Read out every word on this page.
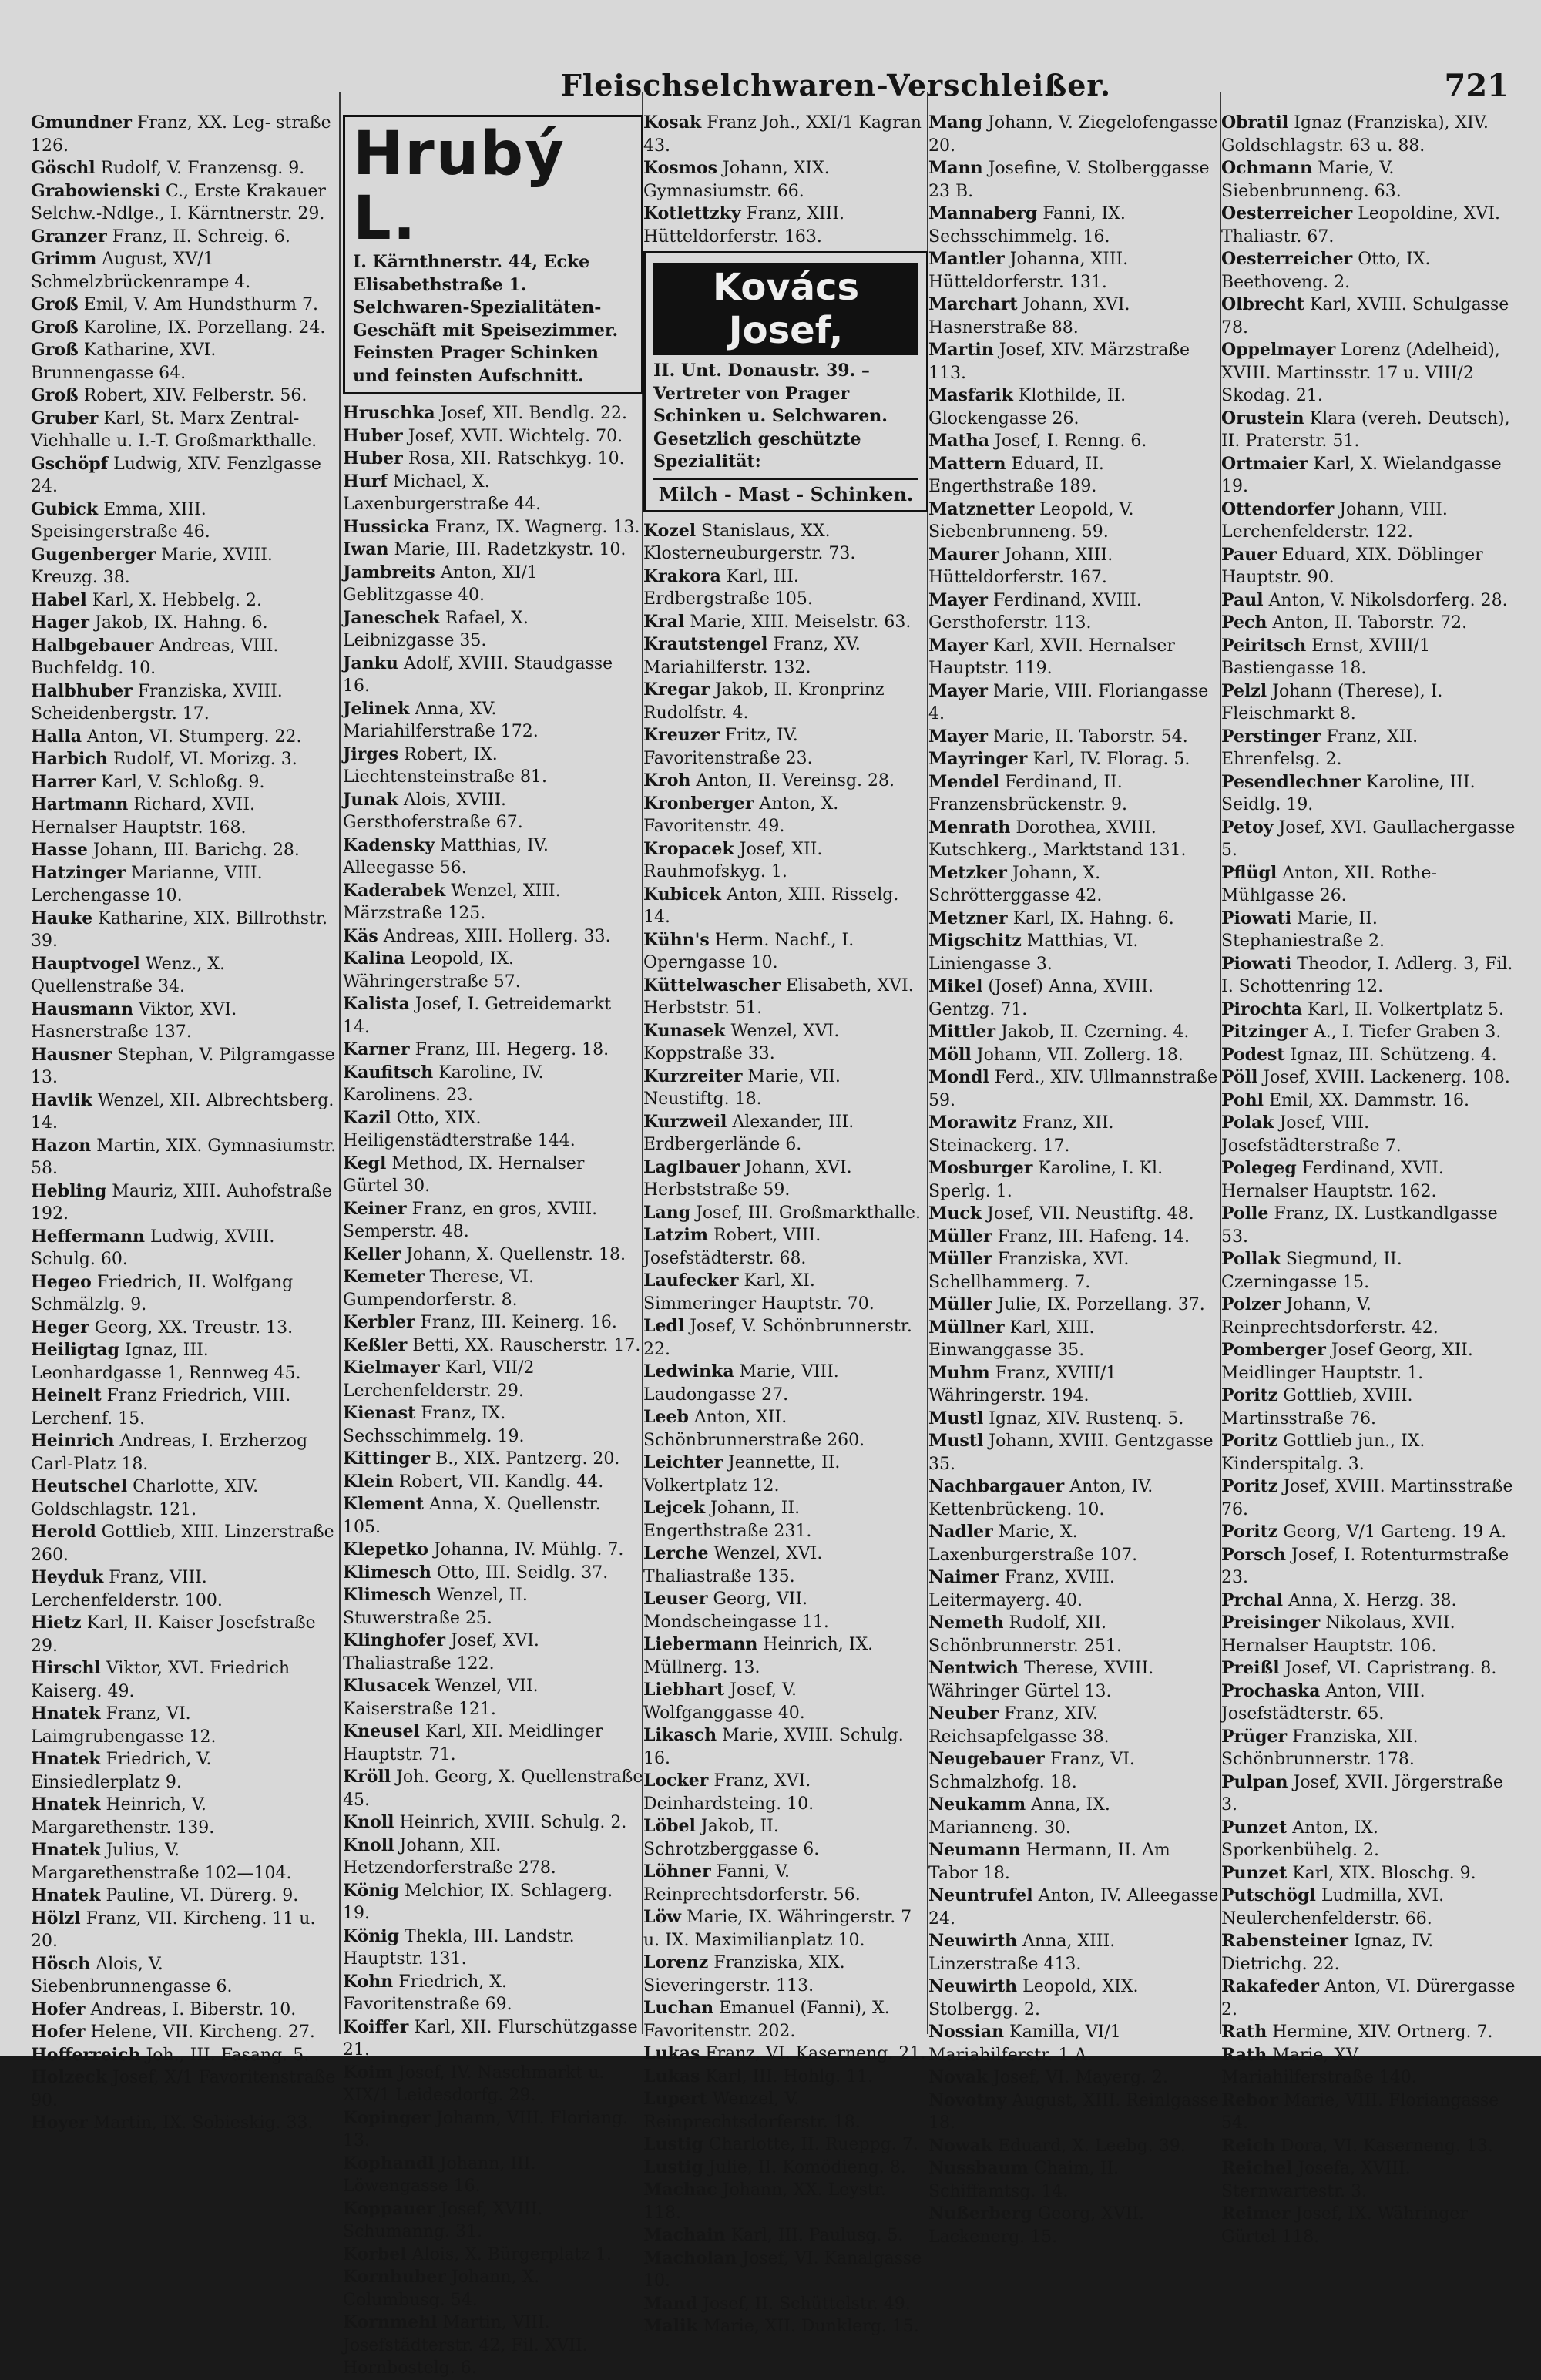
Fleischselchwaren-Verschleißer.	721

Gmundner Franz, XX. Leg- straße 126.

Göschl Rudolf, V. Franzensg. 9.

Grabowienski C., Erste Krakauer Selchw.-Ndlge., I. Kärntnerstr. 29.

Granzer Franz, II. Schreig. 6.

Grimm August, XV/1 Schmelzbrückenrampe 4.

Groß Emil, V. Am Hundsthurm 7.

Groß Karoline, IX. Porzellang. 24.

Groß Katharine, XVI. Brunnengasse 64.

Groß Robert, XIV. Felberstr. 56.

Gruber Karl, St. Marx Zentral-Viehhalle u. I.-T. Großmarkthalle.

Gschöpf Ludwig, XIV. Fenzlgasse 24.

Gubick Emma, XIII. Speisingerstraße 46.

Gugenberger Marie, XVIII. Kreuzg. 38.

Habel Karl, X. Hebbelg. 2.

Hager Jakob, IX. Hahng. 6.

Halbgebauer Andreas, VIII. Buchfeldg. 10.

Halbhuber Franziska, XVIII. Scheidenbergstr. 17.

Halla Anton, VI. Stumperg. 22.

Harbich Rudolf, VI. Morizg. 3.

Harrer Karl, V. Schloßg. 9.

Hartmann Richard, XVII. Hernalser Hauptstr. 168.

Hasse Johann, III. Barichg. 28.

Hatzinger Marianne, VIII. Lerchengasse 10.

Hauke Katharine, XIX. Billrothstr. 39.

Hauptvogel Wenz., X. Quellenstraße 34.

Hausmann Viktor, XVI. Hasnerstraße 137.

Hausner Stephan, V. Pilgramgasse 13.

Havlik Wenzel, XII. Albrechtsberg. 14.

Hazon Martin, XIX. Gymnasiumstr. 58.

Hebling Mauriz, XIII. Auhofstraße 192.

Heffermann Ludwig, XVIII. Schulg. 60.

Hegeo Friedrich, II. Wolfgang Schmälzlg. 9.

Heger Georg, XX. Treustr. 13.

Heiligtag Ignaz, III. Leonhardgasse 1, Rennweg 45.

Heinelt Franz Friedrich, VIII. Lerchenf. 15.

Heinrich Andreas, I. Erzherzog Carl-Platz 18.

Heutschel Charlotte, XIV. Goldschlagstr. 121.

Herold Gottlieb, XIII. Linzerstraße 260.

Heyduk Franz, VIII. Lerchenfelderstr. 100.

Hietz Karl, II. Kaiser Josefstraße 29.

Hirschl Viktor, XVI. Friedrich Kaiserg. 49.

Hnatek Franz, VI. Laimgrubengasse 12.

Hnatek Friedrich, V. Einsiedlerplatz 9.

Hnatek Heinrich, V. Margarethenstr. 139.

Hnatek Julius, V. Margarethenstraße 102—104.

Hnatek Pauline, VI. Dürerg. 9.

Hölzl Franz, VII. Kircheng. 11 u. 20.

Hösch Alois, V. Siebenbrunnengasse 6.

Hofer Andreas, I. Biberstr. 10.

Hofer Helene, VII. Kircheng. 27.

Hofferreich Joh., III. Fasang. 5.

Holzeck Josef, X/1 Favoritenstraße 90.

Hoyer Martin, IX. Sobieskig. 33.

Hrubý L.
I. Kärnthnerstr. 44, Ecke Elisabethstraße 1. Selchwaren-Spezialitäten-Geschäft mit Speisezimmer. Feinsten Prager Schinken und feinsten Aufschnitt.

Hruschka Josef, XII. Bendlg. 22.

Huber Josef, XVII. Wichtelg. 70.

Huber Rosa, XII. Ratschkyg. 10.

Hurf Michael, X. Laxenburgerstraße 44.

Hussicka Franz, IX. Wagnerg. 13.

Iwan Marie, III. Radetzkystr. 10.

Jambreits Anton, XI/1 Geblitzgasse 40.

Janeschek Rafael, X. Leibnizgasse 35.

Janku Adolf, XVIII. Staudgasse 16.

Jelinek Anna, XV. Mariahilferstraße 172.

Jirges Robert, IX. Liechtensteinstraße 81.

Junak Alois, XVIII. Gersthoferstraße 67.

Kadensky Matthias, IV. Alleegasse 56.

Kaderabek Wenzel, XIII. Märzstraße 125.

Käs Andreas, XIII. Hollerg. 33.

Kalina Leopold, IX. Währingerstraße 57.

Kalista Josef, I. Getreidemarkt 14.

Karner Franz, III. Hegerg. 18.

Kaufitsch Karoline, IV. Karolinens. 23.

Kazil Otto, XIX. Heiligenstädterstraße 144.

Kegl Method, IX. Hernalser Gürtel 30.

Keiner Franz, en gros, XVIII. Semperstr. 48.

Keller Johann, X. Quellenstr. 18.

Kemeter Therese, VI. Gumpendorferstr. 8.

Kerbler Franz, III. Keinerg. 16.

Keßler Betti, XX. Rauscherstr. 17.

Kielmayer Karl, VII/2 Lerchenfelderstr. 29.

Kienast Franz, IX. Sechsschimmelg. 19.

Kittinger B., XIX. Pantzerg. 20.

Klein Robert, VII. Kandlg. 44.

Klement Anna, X. Quellenstr. 105.

Klepetko Johanna, IV. Mühlg. 7.

Klimesch Otto, III. Seidlg. 37.

Klimesch Wenzel, II. Stuwerstraße 25.

Klinghofer Josef, XVI. Thaliastraße 122.

Klusacek Wenzel, VII. Kaiserstraße 121.

Kneusel Karl, XII. Meidlinger Hauptstr. 71.

Kröll Joh. Georg, X. Quellenstraße 45.

Knoll Heinrich, XVIII. Schulg. 2.

Knoll Johann, XII. Hetzendorferstraße 278.

König Melchior, IX. Schlagerg. 19.

König Thekla, III. Landstr. Hauptstr. 131.

Kohn Friedrich, X. Favoritenstraße 69.

Koiffer Karl, XII. Flurschützgasse 21.

Koim Josef, IV. Naschmarkt u. XIX/1 Leidesdorfg. 29.

Kopinger Johann, VIII. Floriang. 13.

Kophandl Johann, III. Löwengasse 16.

Koppauer Josef, XVIII. Schumanng. 31.

Korbel Alois, X. Bürgerplatz 1.

Kornhuber Johann, X. Columbusg. 54.

Kornmehl Martin, VIII. Josefstädterstr. 42, Fil. XVII. Hornbostelg. 6.

Kosak Franz Joh., XXI/1 Kagran 43.

Kosmos Johann, XIX. Gymnasiumstr. 66.

Kotlettzky Franz, XIII. Hütteldorferstr. 163.

Kovács Josef,
II. Unt. Donaustr. 39. – Vertreter von Prager Schinken u. Selchwaren. Gesetzlich geschützte Spezialität:
Milch - Mast - Schinken.

Kozel Stanislaus, XX. Klosterneuburgerstr. 73.

Krakora Karl, III. Erdbergstraße 105.

Kral Marie, XIII. Meiselstr. 63.

Krautstengel Franz, XV. Mariahilferstr. 132.

Kregar Jakob, II. Kronprinz Rudolfstr. 4.

Kreuzer Fritz, IV. Favoritenstraße 23.

Kroh Anton, II. Vereinsg. 28.

Kronberger Anton, X. Favoritenstr. 49.

Kropacek Josef, XII. Rauhmofskyg. 1.

Kubicek Anton, XIII. Risselg. 14.

Kühn's Herm. Nachf., I. Operngasse 10.

Küttelwascher Elisabeth, XVI. Herbststr. 51.

Kunasek Wenzel, XVI. Koppstraße 33.

Kurzreiter Marie, VII. Neustiftg. 18.

Kurzweil Alexander, III. Erdbergerlände 6.

Laglbauer Johann, XVI. Herbststraße 59.

Lang Josef, III. Großmarkthalle.

Latzim Robert, VIII. Josefstädterstr. 68.

Laufecker Karl, XI. Simmeringer Hauptstr. 70.

Ledl Josef, V. Schönbrunnerstr. 22.

Ledwinka Marie, VIII. Laudongasse 27.

Leeb Anton, XII. Schönbrunnerstraße 260.

Leichter Jeannette, II. Volkertplatz 12.

Lejcek Johann, II. Engerthstraße 231.

Lerche Wenzel, XVI. Thaliastraße 135.

Leuser Georg, VII. Mondscheingasse 11.

Liebermann Heinrich, IX. Müllnerg. 13.

Liebhart Josef, V. Wolfganggasse 40.

Likasch Marie, XVIII. Schulg. 16.

Locker Franz, XVI. Deinhardsteing. 10.

Löbel Jakob, II. Schrotzberggasse 6.

Löhner Fanni, V. Reinprechtsdorferstr. 56.

Löw Marie, IX. Währingerstr. 7 u. IX. Maximilianplatz 10.

Lorenz Franziska, XIX. Sieveringerstr. 113.

Luchan Emanuel (Fanni), X. Favoritenstr. 202.

Lukas Franz, VI. Kaserneng. 21.

Lukas Karl, III. Hohlg. 11.

Lupert Wenzel, V. Reinprechtsdorferstr. 18.

Lustig Charlotte, II. Rueppg. 7.

Lustig Julie, II. Komödieng. 8.

Machac Johann, XX. Leystr. 118.

Machain Karl, III. Paulusg. 5.

Macholan Josef, VI. Kanalgasse 10.

Mand Josef, II. Schüttelstr. 49.

Malik Marie, XII. Dunklerg. 15.

Mang Johann, V. Ziegelofengasse 20.

Mann Josefine, V. Stolberggasse 23 B.

Mannaberg Fanni, IX. Sechsschimmelg. 16.

Mantler Johanna, XIII. Hütteldorferstr. 131.

Marchart Johann, XVI. Hasnerstraße 88.

Martin Josef, XIV. Märzstraße 113.

Masfarik Klothilde, II. Glockengasse 26.

Matha Josef, I. Renng. 6.

Mattern Eduard, II. Engerthstraße 189.

Matznetter Leopold, V. Siebenbrunneng. 59.

Maurer Johann, XIII. Hütteldorferstr. 167.

Mayer Ferdinand, XVIII. Gersthoferstr. 113.

Mayer Karl, XVII. Hernalser Hauptstr. 119.

Mayer Marie, VIII. Floriangasse 4.

Mayer Marie, II. Taborstr. 54.

Mayringer Karl, IV. Florag. 5.

Mendel Ferdinand, II. Franzensbrückenstr. 9.

Menrath Dorothea, XVIII. Kutschkerg., Marktstand 131.

Metzker Johann, X. Schrötterggasse 42.

Metzner Karl, IX. Hahng. 6.

Migschitz Matthias, VI. Liniengasse 3.

Mikel (Josef) Anna, XVIII. Gentzg. 71.

Mittler Jakob, II. Czerning. 4.

Möll Johann, VII. Zollerg. 18.

Mondl Ferd., XIV. Ullmannstraße 59.

Morawitz Franz, XII. Steinackerg. 17.

Mosburger Karoline, I. Kl. Sperlg. 1.

Muck Josef, VII. Neustiftg. 48.

Müller Franz, III. Hafeng. 14.

Müller Franziska, XVI. Schellhammerg. 7.

Müller Julie, IX. Porzellang. 37.

Müllner Karl, XIII. Einwanggasse 35.

Muhm Franz, XVIII/1 Währingerstr. 194.

Mustl Ignaz, XIV. Rustenq. 5.

Mustl Johann, XVIII. Gentzgasse 35.

Nachbargauer Anton, IV. Kettenbrückeng. 10.

Nadler Marie, X. Laxenburgerstraße 107.

Naimer Franz, XVIII. Leitermayerg. 40.

Nemeth Rudolf, XII. Schönbrunnerstr. 251.

Nentwich Therese, XVIII. Währinger Gürtel 13.

Neuber Franz, XIV. Reichsapfelgasse 38.

Neugebauer Franz, VI. Schmalzhofg. 18.

Neukamm Anna, IX. Marianneng. 30.

Neumann Hermann, II. Am Tabor 18.

Neuntrufel Anton, IV. Alleegasse 24.

Neuwirth Anna, XIII. Linzerstraße 413.

Neuwirth Leopold, XIX. Stolbergg. 2.

Nossian Kamilla, VI/1 Mariahilferstr. 1 A.

Novak Josef, VI. Mayerg. 2.

Novotny August, XIII. Reinlgasse 18.

Nowak Eduard, X. Leebg. 39.

Nussbaum Chaim, II. Schiffamtsg. 14.

Nußerberg Georg, XVII. Lackenerg. 15.

Obratil Ignaz (Franziska), XIV. Goldschlagstr. 63 u. 88.

Ochmann Marie, V. Siebenbrunneng. 63.

Oesterreicher Leopoldine, XVI. Thaliastr. 67.

Oesterreicher Otto, IX. Beethoveng. 2.

Olbrecht Karl, XVIII. Schulgasse 78.

Oppelmayer Lorenz (Adelheid), XVIII. Martinsstr. 17 u. VIII/2 Skodag. 21.

Orustein Klara (vereh. Deutsch), II. Praterstr. 51.

Ortmaier Karl, X. Wielandgasse 19.

Ottendorfer Johann, VIII. Lerchenfelderstr. 122.

Pauer Eduard, XIX. Döblinger Hauptstr. 90.

Paul Anton, V. Nikolsdorferg. 28.

Pech Anton, II. Taborstr. 72.

Peiritsch Ernst, XVIII/1 Bastiengasse 18.

Pelzl Johann (Therese), I. Fleischmarkt 8.

Perstinger Franz, XII. Ehrenfelsg. 2.

Pesendlechner Karoline, III. Seidlg. 19.

Petoy Josef, XVI. Gaullachergasse 5.

Pflügl Anton, XII. Rothe-Mühlgasse 26.

Piowati Marie, II. Stephaniestraße 2.

Piowati Theodor, I. Adlerg. 3, Fil. I. Schottenring 12.

Pirochta Karl, II. Volkertplatz 5.

Pitzinger A., I. Tiefer Graben 3.

Podest Ignaz, III. Schützeng. 4.

Pöll Josef, XVIII. Lackenerg. 108.

Pohl Emil, XX. Dammstr. 16.

Polak Josef, VIII. Josefstädterstraße 7.

Polegeg Ferdinand, XVII. Hernalser Hauptstr. 162.

Polle Franz, IX. Lustkandlgasse 53.

Pollak Siegmund, II. Czerningasse 15.

Polzer Johann, V. Reinprechtsdorferstr. 42.

Pomberger Josef Georg, XII. Meidlinger Hauptstr. 1.

Poritz Gottlieb, XVIII. Martinsstraße 76.

Poritz Gottlieb jun., IX. Kinderspitalg. 3.

Poritz Josef, XVIII. Martinsstraße 76.

Poritz Georg, V/1 Garteng. 19 A.

Porsch Josef, I. Rotenturmstraße 23.

Prchal Anna, X. Herzg. 38.

Preisinger Nikolaus, XVII. Hernalser Hauptstr. 106.

Preißl Josef, VI. Capristrang. 8.

Prochaska Anton, VIII. Josefstädterstr. 65.

Prüger Franziska, XII. Schönbrunnerstr. 178.

Pulpan Josef, XVII. Jörgerstraße 3.

Punzet Anton, IX. Sporkenbühelg. 2.

Punzet Karl, XIX. Bloschg. 9.

Putschögl Ludmilla, XVI. Neulerchenfelderstr. 66.

Rabensteiner Ignaz, IV. Dietrichg. 22.

Rakafeder Anton, VI. Dürergasse 2.

Rath Hermine, XIV. Ortnerg. 7.

Rath Marie, XV. Mariahilferstraße 140.

Rebor Marie, VIII. Floriangasse 54.

Reich Dora, VI. Kaserneng. 13.

Reichel Josefa, XVIII. Sternwartestr. 3.

Reimer Josef, IX. Währinger Gürtel 118.
